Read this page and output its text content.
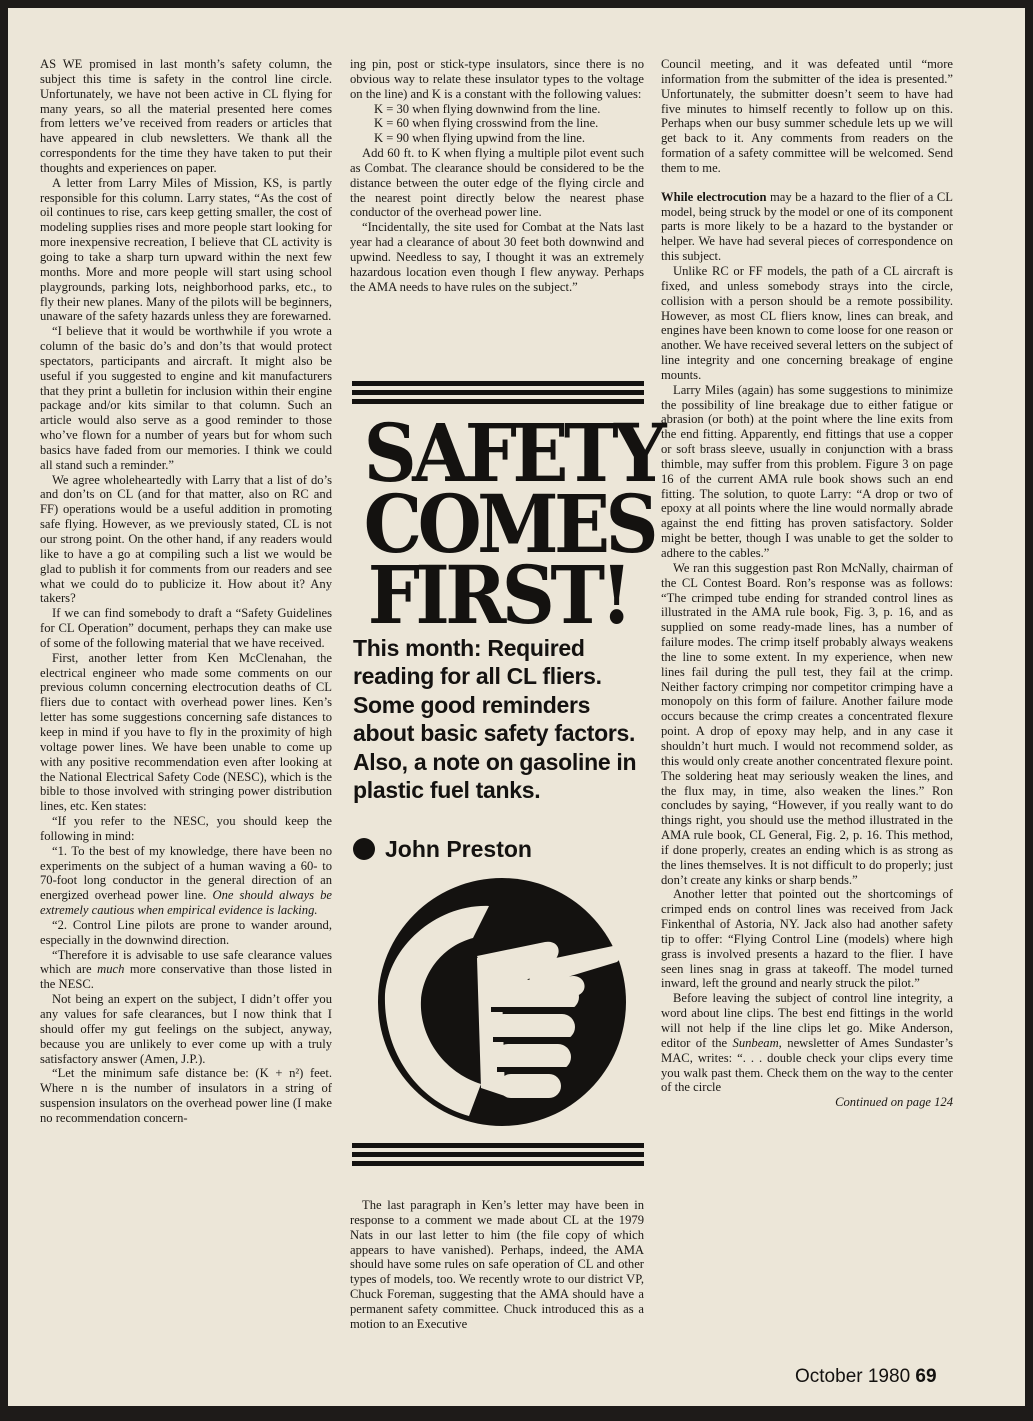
AS WE promised in last month’s safety column, the subject this time is safety in the control line circle. Unfortunately, we have not been active in CL flying for many years, so all the material presented here comes from letters we’ve received from readers or articles that have appeared in club newsletters. We thank all the correspondents for the time they have taken to put their thoughts and experiences on paper.

A letter from Larry Miles of Mission, KS, is partly responsible for this column. Larry states, “As the cost of oil continues to rise, cars keep getting smaller, the cost of modeling supplies rises and more people start looking for more inexpensive recreation, I believe that CL activity is going to take a sharp turn upward within the next few months. More and more people will start using school playgrounds, parking lots, neighborhood parks, etc., to fly their new planes. Many of the pilots will be beginners, unaware of the safety hazards unless they are forewarned.

“I believe that it would be worthwhile if you wrote a column of the basic do’s and don’ts that would protect spectators, participants and aircraft. It might also be useful if you suggested to engine and kit manufacturers that they print a bulletin for inclusion within their engine package and/or kits similar to that column. Such an article would also serve as a good reminder to those who’ve flown for a number of years but for whom such basics have faded from our memories. I think we could all stand such a reminder.”

We agree wholeheartedly with Larry that a list of do’s and don’ts on CL (and for that matter, also on RC and FF) operations would be a useful addition in promoting safe flying. However, as we previously stated, CL is not our strong point. On the other hand, if any readers would like to have a go at compiling such a list we would be glad to publish it for comments from our readers and see what we could do to publicize it. How about it? Any takers?

If we can find somebody to draft a “Safety Guidelines for CL Operation” document, perhaps they can make use of some of the following material that we have received.

First, another letter from Ken McClenahan, the electrical engineer who made some comments on our previous column concerning electrocution deaths of CL fliers due to contact with overhead power lines. Ken’s letter has some suggestions concerning safe distances to keep in mind if you have to fly in the proximity of high voltage power lines. We have been unable to come up with any positive recommendation even after looking at the National Electrical Safety Code (NESC), which is the bible to those involved with stringing power distribution lines, etc. Ken states:

“If you refer to the NESC, you should keep the following in mind:

“1. To the best of my knowledge, there have been no experiments on the subject of a human waving a 60- to 70-foot long conductor in the general direction of an energized overhead power line. One should always be extremely cautious when empirical evidence is lacking.

“2. Control Line pilots are prone to wander around, especially in the downwind direction.

“Therefore it is advisable to use safe clearance values which are much more conservative than those listed in the NESC.

Not being an expert on the subject, I didn’t offer you any values for safe clearances, but I now think that I should offer my gut feelings on the subject, anyway, because you are unlikely to ever come up with a truly satisfactory answer (Amen, J.P.).

“Let the minimum safe distance be: (K + n²) feet. Where n is the number of insulators in a string of suspension insulators on the overhead power line (I make no recommendation concern-

ing pin, post or stick-type insulators, since there is no obvious way to relate these insulator types to the voltage on the line) and K is a constant with the following values:

K = 30 when flying downwind from the line.

K = 60 when flying crosswind from the line.

K = 90 when flying upwind from the line.

Add 60 ft. to K when flying a multiple pilot event such as Combat. The clearance should be considered to be the distance between the outer edge of the flying circle and the nearest point directly below the nearest phase conductor of the overhead power line.

“Incidentally, the site used for Combat at the Nats last year had a clearance of about 30 feet both downwind and upwind. Needless to say, I thought it was an extremely hazardous location even though I flew anyway. Perhaps the AMA needs to have rules on the subject.”

SAFETY
COMES
FIRST!
This month: Required reading for all CL fliers. Some good reminders about basic safety factors. Also, a note on gasoline in plastic fuel tanks.
John Preston

The last paragraph in Ken’s letter may have been in response to a comment we made about CL at the 1979 Nats in our last letter to him (the file copy of which appears to have vanished). Perhaps, indeed, the AMA should have some rules on safe operation of CL and other types of models, too. We recently wrote to our district VP, Chuck Foreman, suggesting that the AMA should have a permanent safety committee. Chuck introduced this as a motion to an Executive

Council meeting, and it was defeated until “more information from the submitter of the idea is presented.” Unfortunately, the submitter doesn’t seem to have had five minutes to himself recently to follow up on this. Perhaps when our busy summer schedule lets up we will get back to it. Any comments from readers on the formation of a safety committee will be welcomed. Send them to me.

While electrocution may be a hazard to the flier of a CL model, being struck by the model or one of its component parts is more likely to be a hazard to the bystander or helper. We have had several pieces of correspondence on this subject.

Unlike RC or FF models, the path of a CL aircraft is fixed, and unless somebody strays into the circle, collision with a person should be a remote possibility. However, as most CL fliers know, lines can break, and engines have been known to come loose for one reason or another. We have received several letters on the subject of line integrity and one concerning breakage of engine mounts.

Larry Miles (again) has some suggestions to minimize the possibility of line breakage due to either fatigue or abrasion (or both) at the point where the line exits from the end fitting. Apparently, end fittings that use a copper or soft brass sleeve, usually in conjunction with a brass thimble, may suffer from this problem. Figure 3 on page 16 of the current AMA rule book shows such an end fitting. The solution, to quote Larry: “A drop or two of epoxy at all points where the line would normally abrade against the end fitting has proven satisfactory. Solder might be better, though I was unable to get the solder to adhere to the cables.”

We ran this suggestion past Ron McNally, chairman of the CL Contest Board. Ron’s response was as follows: “The crimped tube ending for stranded control lines as illustrated in the AMA rule book, Fig. 3, p. 16, and as supplied on some ready-made lines, has a number of failure modes. The crimp itself probably always weakens the line to some extent. In my experience, when new lines fail during the pull test, they fail at the crimp. Neither factory crimping nor competitor crimping have a monopoly on this form of failure. Another failure mode occurs because the crimp creates a concentrated flexure point. A drop of epoxy may help, and in any case it shouldn’t hurt much. I would not recommend solder, as this would only create another concentrated flexure point. The soldering heat may seriously weaken the lines, and the flux may, in time, also weaken the lines.” Ron concludes by saying, “However, if you really want to do things right, you should use the method illustrated in the AMA rule book, CL General, Fig. 2, p. 16. This method, if done properly, creates an ending which is as strong as the lines themselves. It is not difficult to do properly; just don’t create any kinks or sharp bends.”

Another letter that pointed out the shortcomings of crimped ends on control lines was received from Jack Finkenthal of Astoria, NY. Jack also had another safety tip to offer: “Flying Control Line (models) where high grass is involved presents a hazard to the flier. I have seen lines snag in grass at takeoff. The model turned inward, left the ground and nearly struck the pilot.”

Before leaving the subject of control line integrity, a word about line clips. The best end fittings in the world will not help if the line clips let go. Mike Anderson, editor of the Sunbeam, newsletter of Ames Sundaster’s MAC, writes: “. . . double check your clips every time you walk past them. Check them on the way to the center of the circle

Continued on page 124

October 1980 69
